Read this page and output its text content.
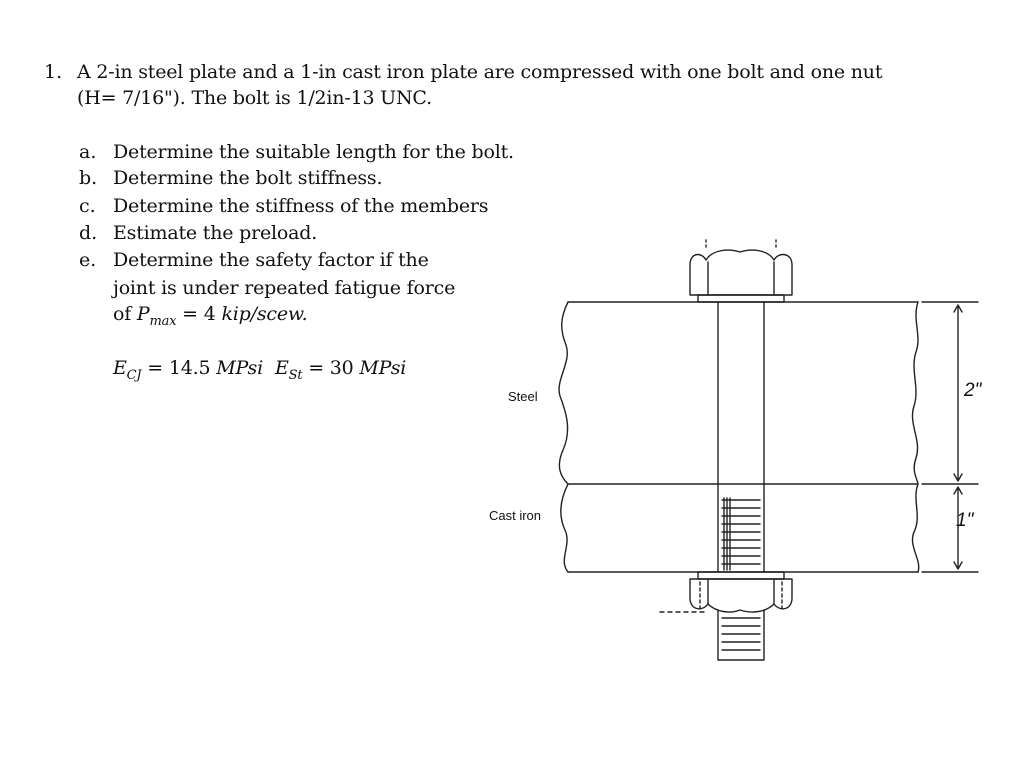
1. A 2-in steel plate and a 1-in cast iron plate are compressed with one bolt and one nut
(H= 7/16"). The bolt is 1/2in-13 UNC.
a. Determine the suitable length for the bolt.
b. Determine the bolt stiffness.
c. Determine the stiffness of the members
d. Estimate the preload.
e. Determine the safety factor if the
joint is under repeated fatigue force
of $P_{max} = 4$ kip/scew.
$E_{CJ} = 14.5$ MPsi $E_{St} = 30$ MPsi
Steel
Cast iron
2"
1"
